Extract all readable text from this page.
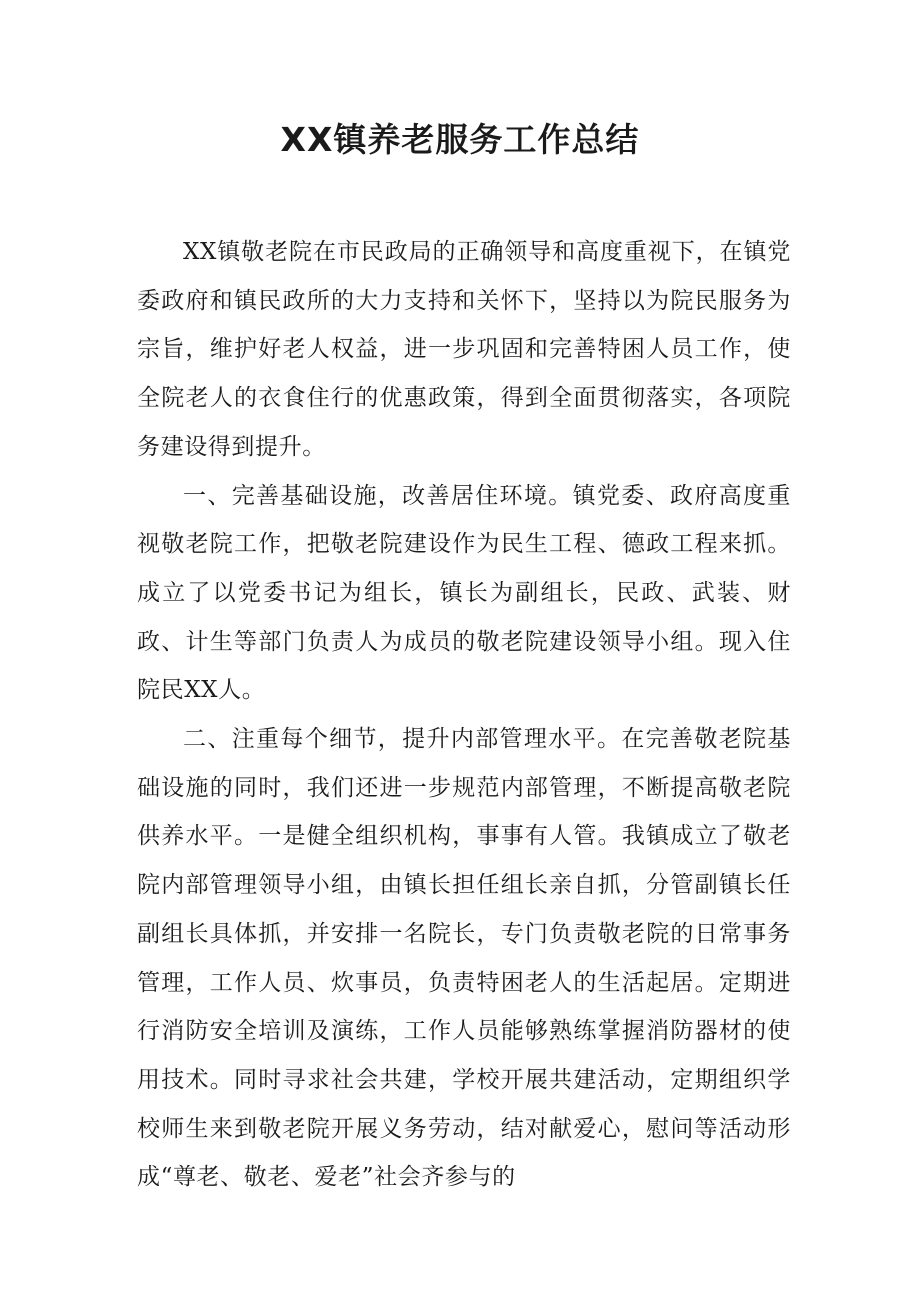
XX镇养老服务工作总结

XX镇敬老院在市民政局的正确领导和高度重视下，在镇党委政府和镇民政所的大力支持和关怀下，坚持以为院民服务为宗旨，维护好老人权益，进一步巩固和完善特困人员工作，使全院老人的衣食住行的优惠政策，得到全面贯彻落实，各项院务建设得到提升。

一、完善基础设施，改善居住环境。镇党委、政府高度重视敬老院工作，把敬老院建设作为民生工程、德政工程来抓。成立了以党委书记为组长，镇长为副组长，民政、武装、财政、计生等部门负责人为成员的敬老院建设领导小组。现入住院民XX人。

二、注重每个细节，提升内部管理水平。在完善敬老院基础设施的同时，我们还进一步规范内部管理，不断提高敬老院供养水平。一是健全组织机构，事事有人管。我镇成立了敬老院内部管理领导小组，由镇长担任组长亲自抓，分管副镇长任副组长具体抓，并安排一名院长，专门负责敬老院的日常事务管理，工作人员、炊事员，负责特困老人的生活起居。定期进行消防安全培训及演练，工作人员能够熟练掌握消防器材的使用技术。同时寻求社会共建，学校开展共建活动，定期组织学校师生来到敬老院开展义务劳动，结对献爱心，慰问等活动形成“尊老、敬老、爱老”社会齐参与的
